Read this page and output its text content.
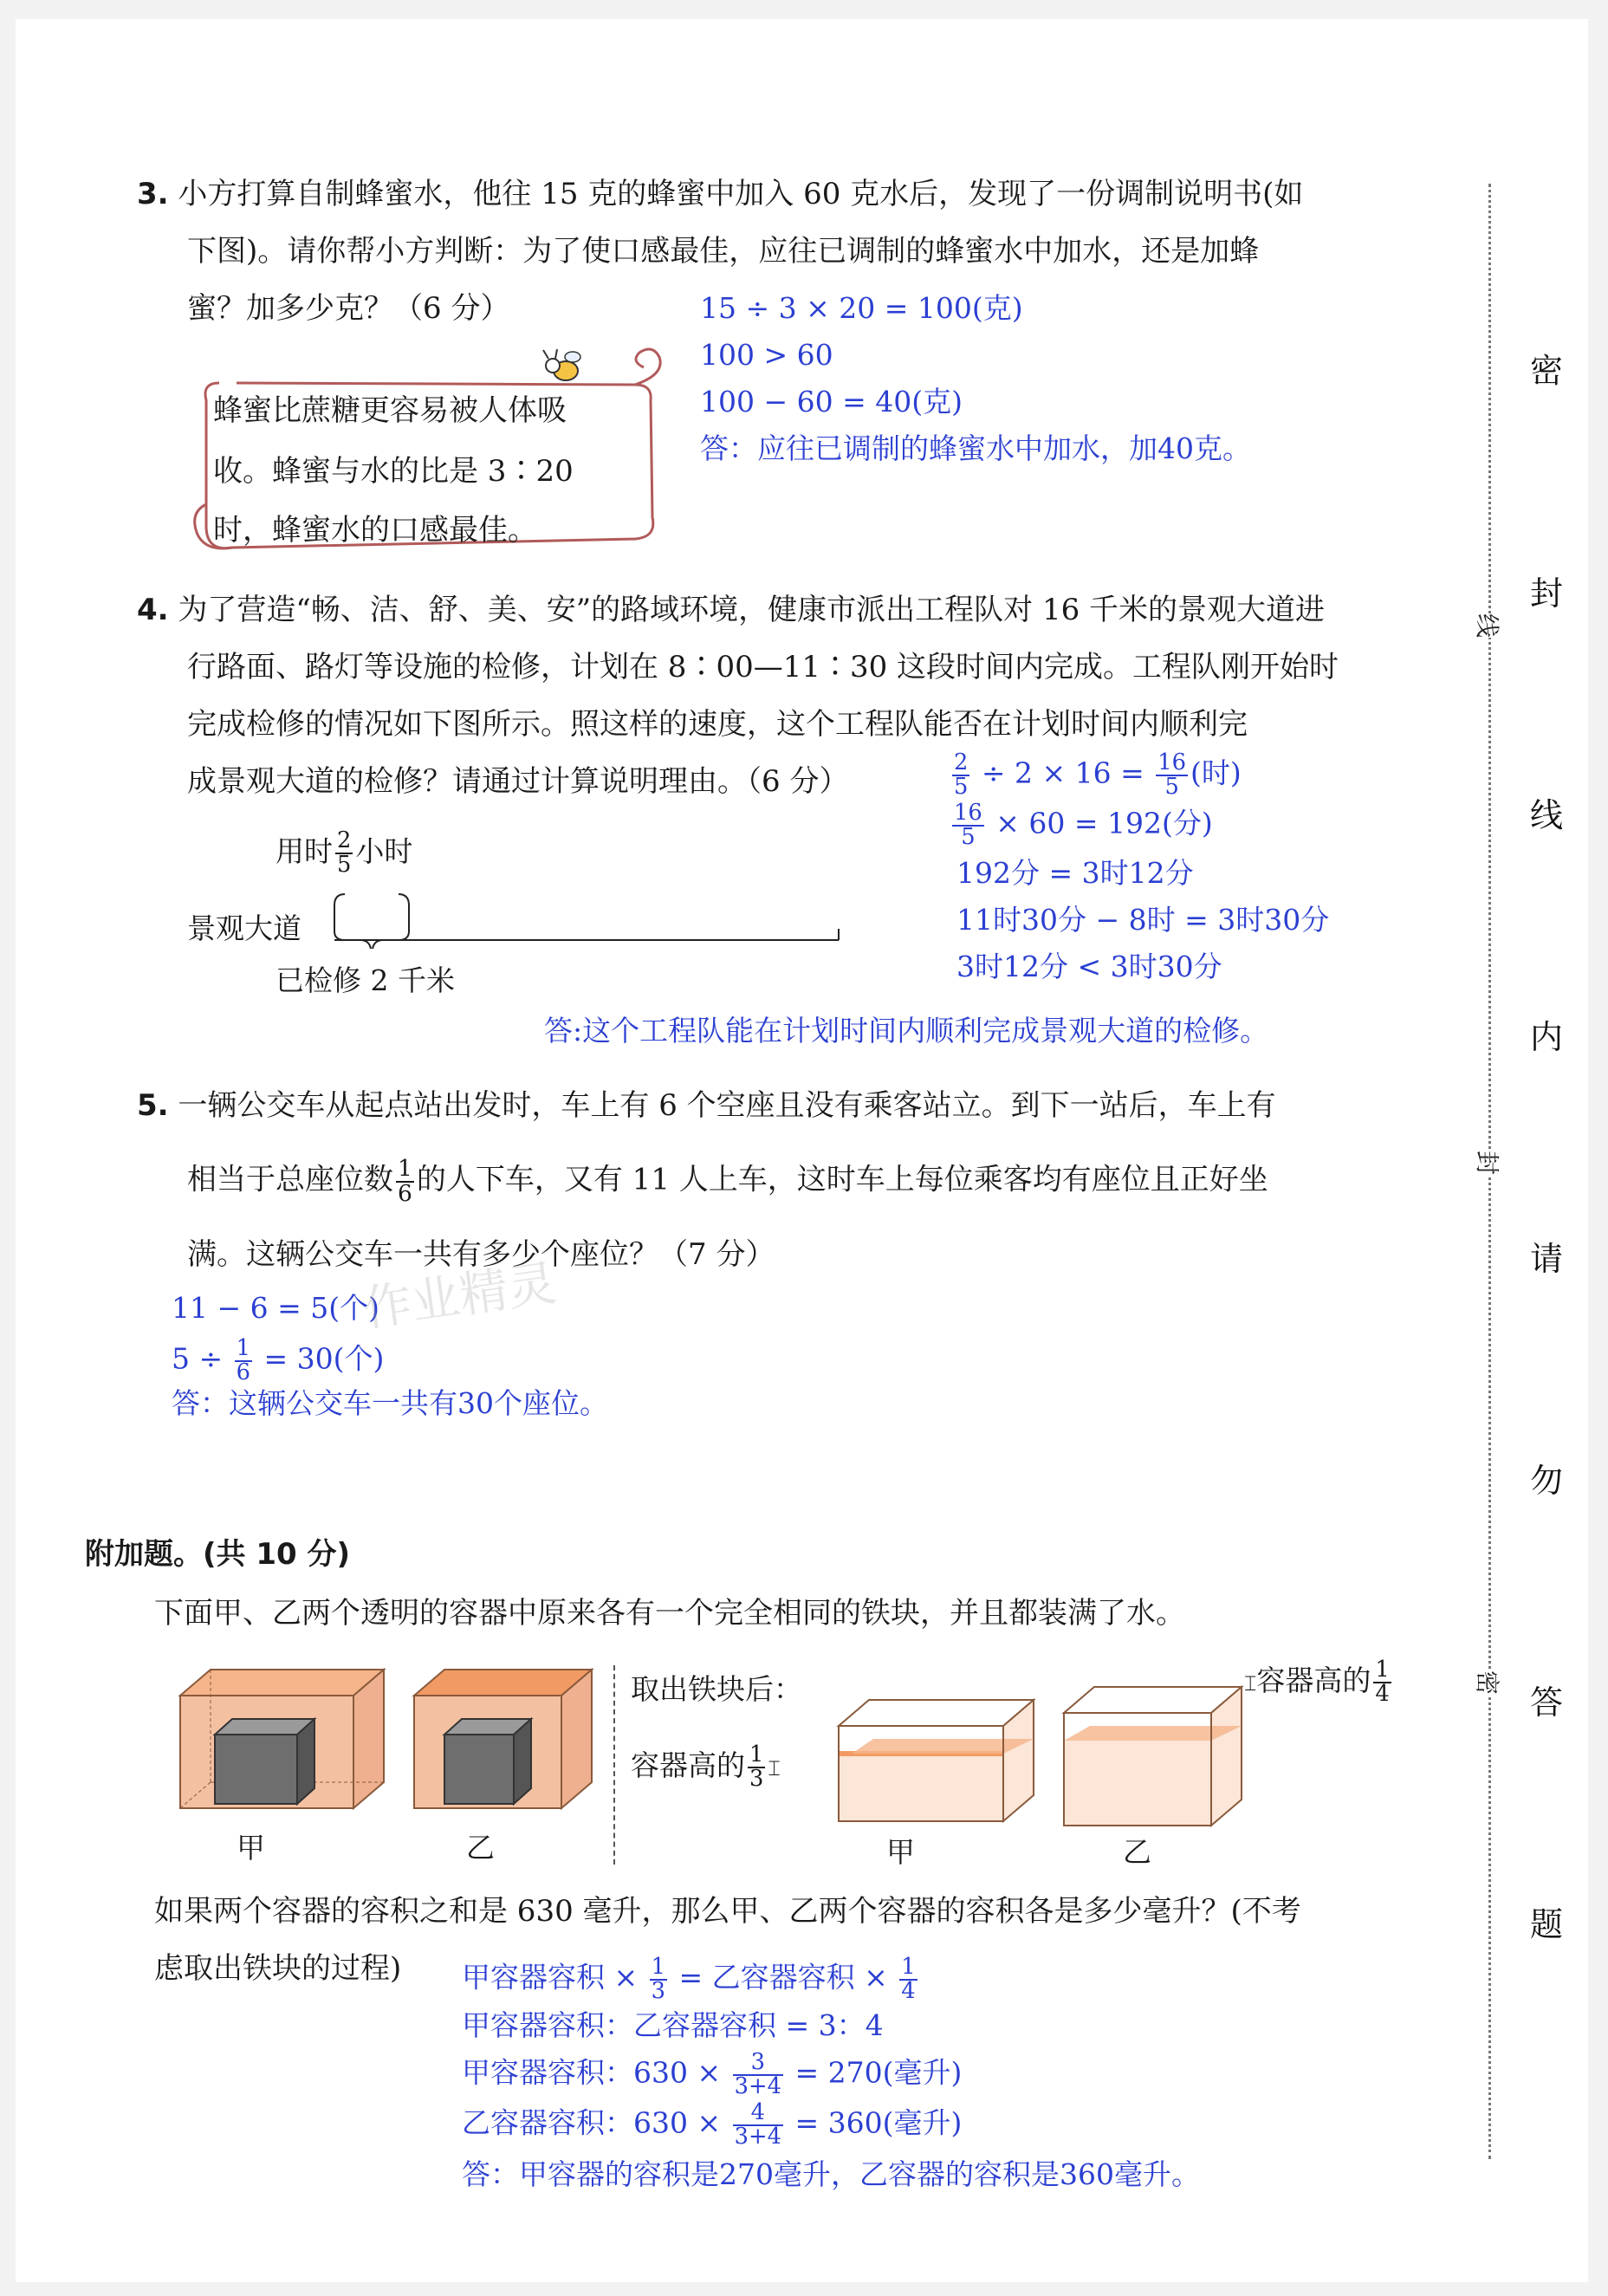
3. 小方打算自制蜂蜜水，他往 15 克的蜂蜜中加入 60 克水后，发现了一份调制说明书(如
下图)。请你帮小方判断：为了使口感最佳，应往已调制的蜂蜜水中加水，还是加蜂
蜜？加多少克？（6 分）
蜂蜜比蔗糖更容易被人体吸
收。蜂蜜与水的比是 3∶20
时，蜂蜜水的口感最佳。
15 ÷ 3 × 20 = 100(克)
100 > 60
100 − 60 = 40(克)
答：应往已调制的蜂蜜水中加水，加40克。
4. 为了营造“畅、洁、舒、美、安”的路域环境，健康市派出工程队对 16 千米的景观大道进
行路面、路灯等设施的检修，计划在 8∶00—11∶30 这段时间内完成。工程队刚开始时
完成检修的情况如下图所示。照这样的速度，这个工程队能否在计划时间内顺利完
成景观大道的检修？请通过计算说明理由。（6 分）
用时 $\frac{2}{5}$ 小时
景观大道
已检修 2 千米
$\frac{2}{5} \div 2 \times 16 = \frac{16}{5}$ (时)
$\frac{16}{5} \times 60 = 192$(分)
192分 = 3时12分
11时30分 − 8时 = 3时30分
3时12分 < 3时30分
答:这个工程队能在计划时间内顺利完成景观大道的检修。
5. 一辆公交车从起点站出发时，车上有 6 个空座且没有乘客站立。到下一站后，车上有
相当于总座位数 $\frac{1}{6}$ 的人下车，又有 11 人上车，这时车上每位乘客均有座位且正好坐
满。这辆公交车一共有多少个座位？（7 分）
11 − 6 = 5(个)
$5 \div \frac{1}{6} = 30$(个)
答：这辆公交车一共有30个座位。
作业精灵
附加题。(共 10 分)
下面甲、乙两个透明的容器中原来各有一个完全相同的铁块，并且都装满了水。
甲	乙
取出铁块后：
容器高的 $\frac{1}{3}$ ⌶
⌶容器高的 $\frac{1}{4}$
甲	乙
如果两个容器的容积之和是 630 毫升，那么甲、乙两个容器的容积各是多少毫升？(不考
虑取出铁块的过程) 甲容器容积 × $\frac{1}{3}$ = 乙容器容积 × $\frac{1}{4}$
甲容器容积：乙容器容积 = 3：4
甲容器容积：$630 \times \frac{3}{3+4} = 270$(毫升)
乙容器容积：$630 \times \frac{4}{3+4} = 360$(毫升)
答：甲容器的容积是270毫升，乙容器的容积是360毫升。
密
封
线
内
请
勿
答
题
线
封
密
